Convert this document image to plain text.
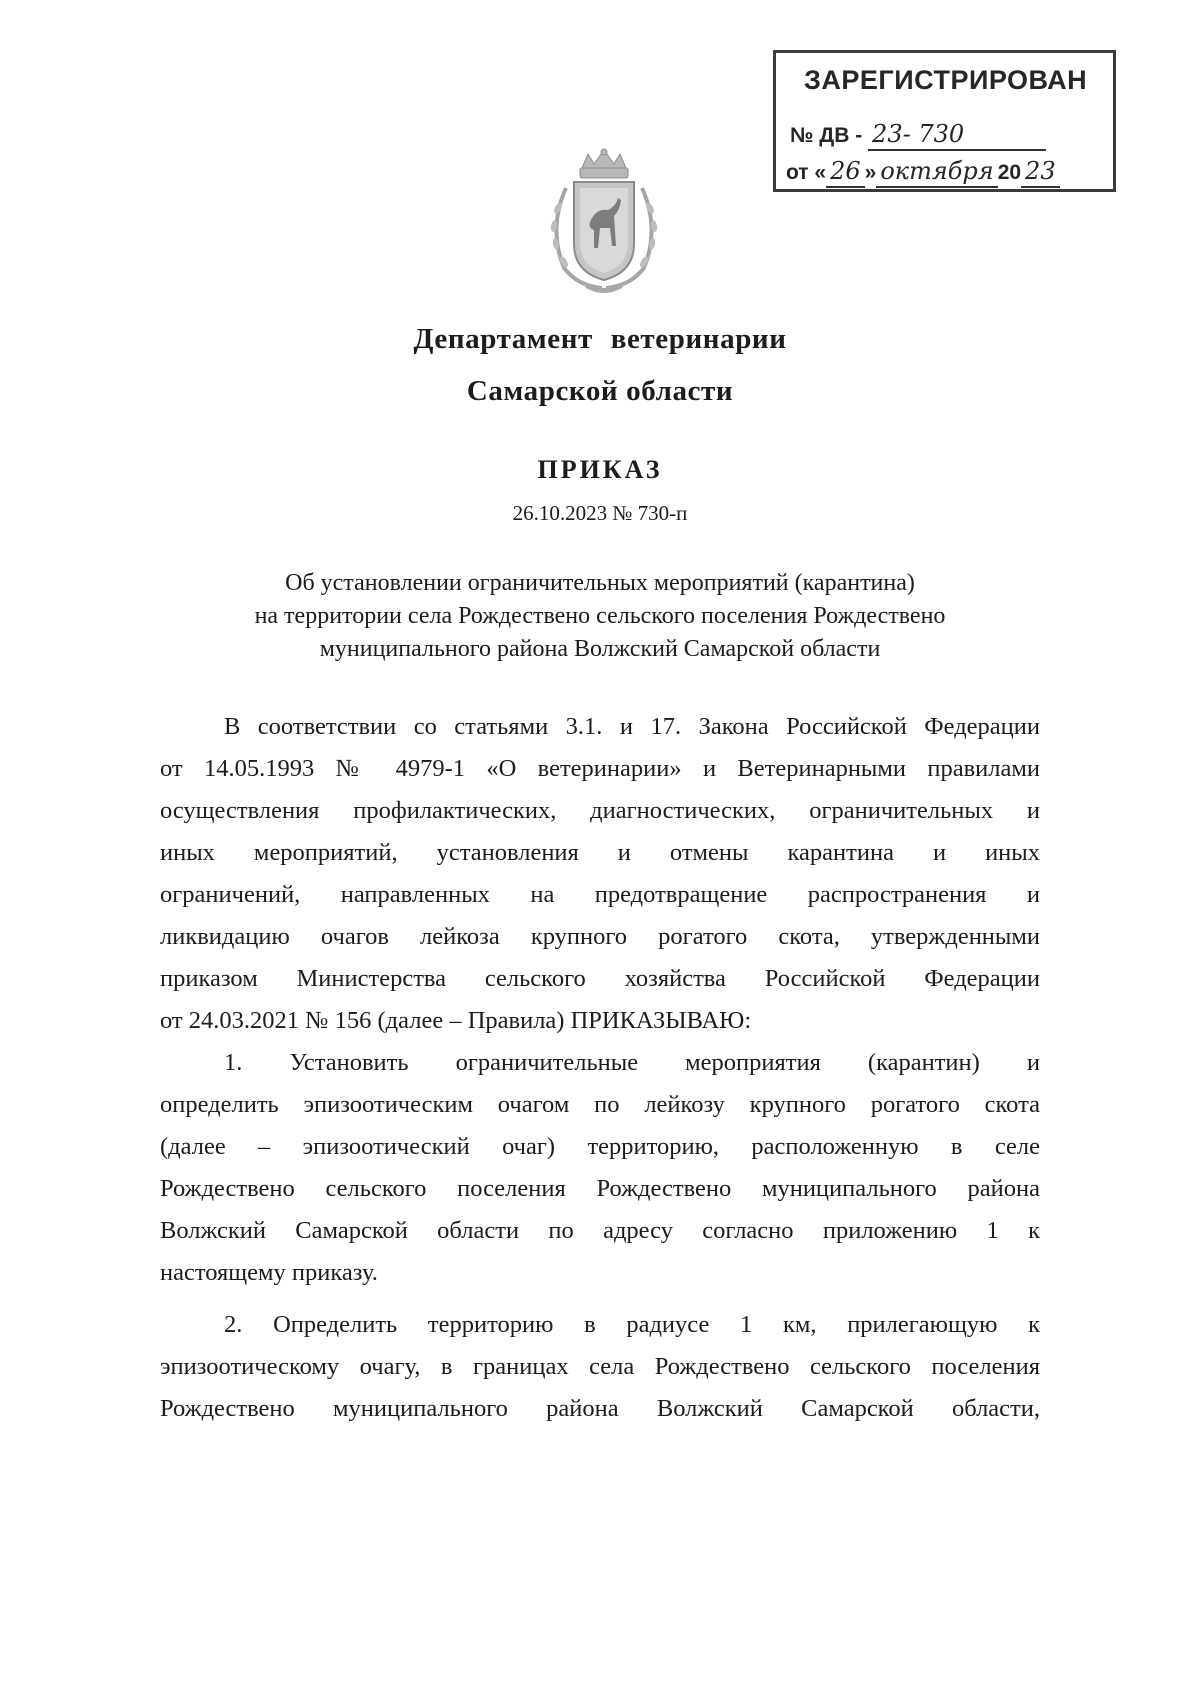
ЗАРЕГИСТРИРОВАН
№ ДВ - 23- 730
от « 26 » октября 20 23
Департамент ветеринарии
Самарской области
ПРИКАЗ
26.10.2023 № 730-п
Об установлении ограничительных мероприятий (карантина)
на территории села Рождествено сельского поселения Рождествено
муниципального района Волжский Самарской области
В соответствии со статьями 3.1. и 17. Закона Российской Федерации
от 14.05.1993 № 4979-1 «О ветеринарии» и Ветеринарными правилами
осуществления профилактических, диагностических, ограничительных и
иных мероприятий, установления и отмены карантина и иных
ограничений, направленных на предотвращение распространения и
ликвидацию очагов лейкоза крупного рогатого скота, утвержденными
приказом Министерства сельского хозяйства Российской Федерации
от 24.03.2021 № 156 (далее – Правила) ПРИКАЗЫВАЮ:
1. Установить ограничительные мероприятия (карантин) и
определить эпизоотическим очагом по лейкозу крупного рогатого скота
(далее – эпизоотический очаг) территорию, расположенную в селе
Рождествено сельского поселения Рождествено муниципального района
Волжский Самарской области по адресу согласно приложению 1 к
настоящему приказу.
2. Определить территорию в радиусе 1 км, прилегающую к
эпизоотическому очагу, в границах села Рождествено сельского поселения
Рождествено муниципального района Волжский Самарской области,
